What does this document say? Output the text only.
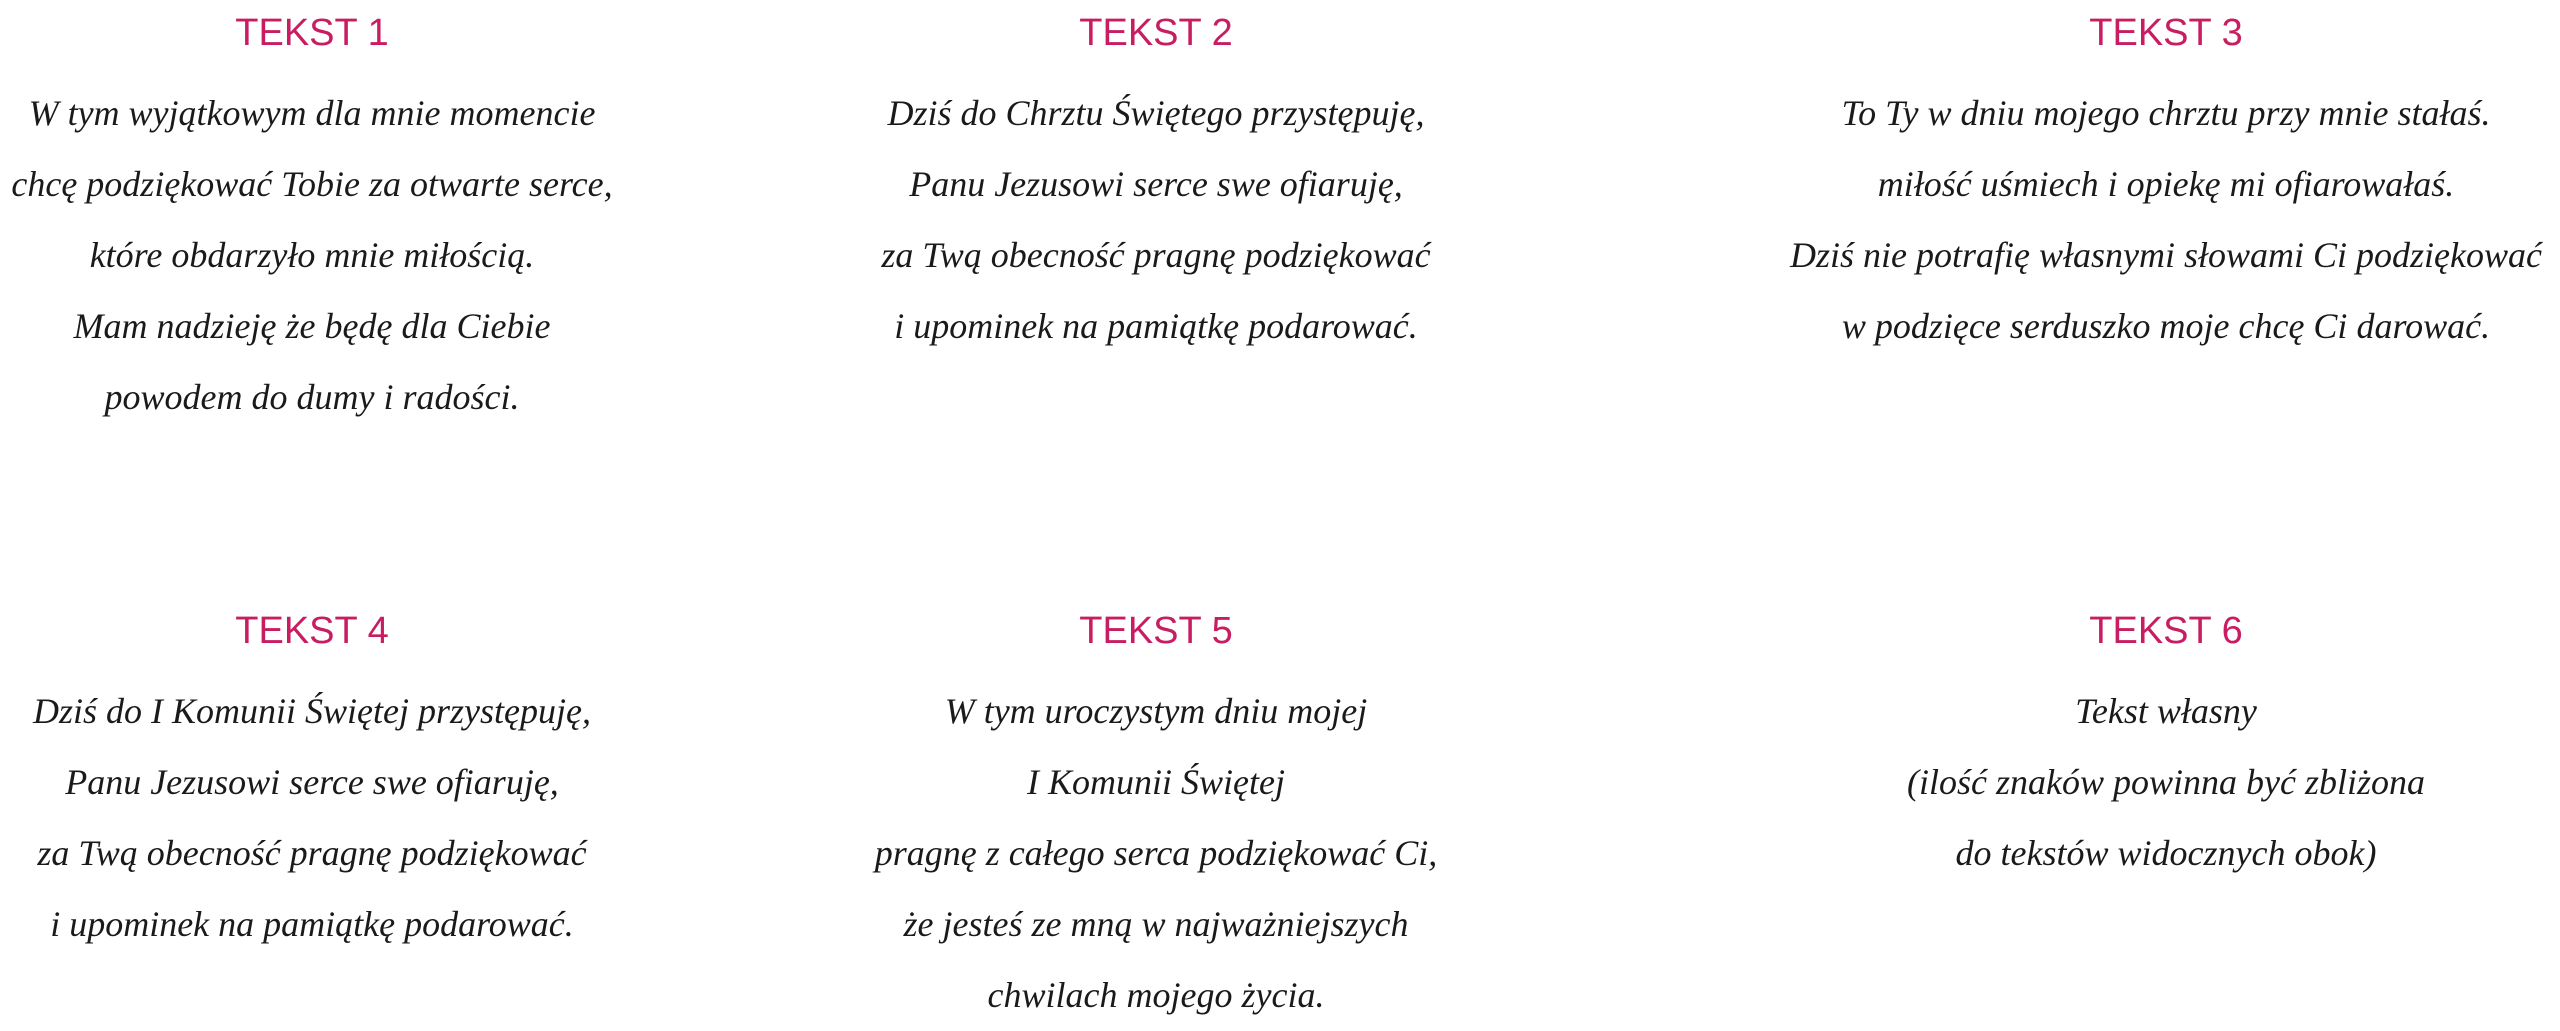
TEKST 1
W tym wyjątkowym dla mnie momencie
chcę podziękować Tobie za otwarte serce,
które obdarzyło mnie miłością.
Mam nadzieję że będę dla Ciebie
powodem do dumy i radości.
TEKST 2
Dziś do Chrztu Świętego przystępuję,
Panu Jezusowi serce swe ofiaruję,
za Twą obecność pragnę podziękować
i upominek na pamiątkę podarować.
TEKST 3
To Ty w dniu mojego chrztu przy mnie stałaś.
miłość uśmiech i opiekę mi ofiarowałaś.
Dziś nie potrafię własnymi słowami Ci podziękować
w podzięce serduszko moje chcę Ci darować.
TEKST 4
Dziś do I Komunii Świętej przystępuję,
Panu Jezusowi serce swe ofiaruję,
za Twą obecność pragnę podziękować
i upominek na pamiątkę podarować.
TEKST 5
W tym uroczystym dniu mojej
I Komunii Świętej
pragnę z całego serca podziękować Ci,
że jesteś ze mną w najważniejszych
chwilach mojego życia.
TEKST 6
Tekst własny
(ilość znaków powinna być zbliżona
do tekstów widocznych obok)
